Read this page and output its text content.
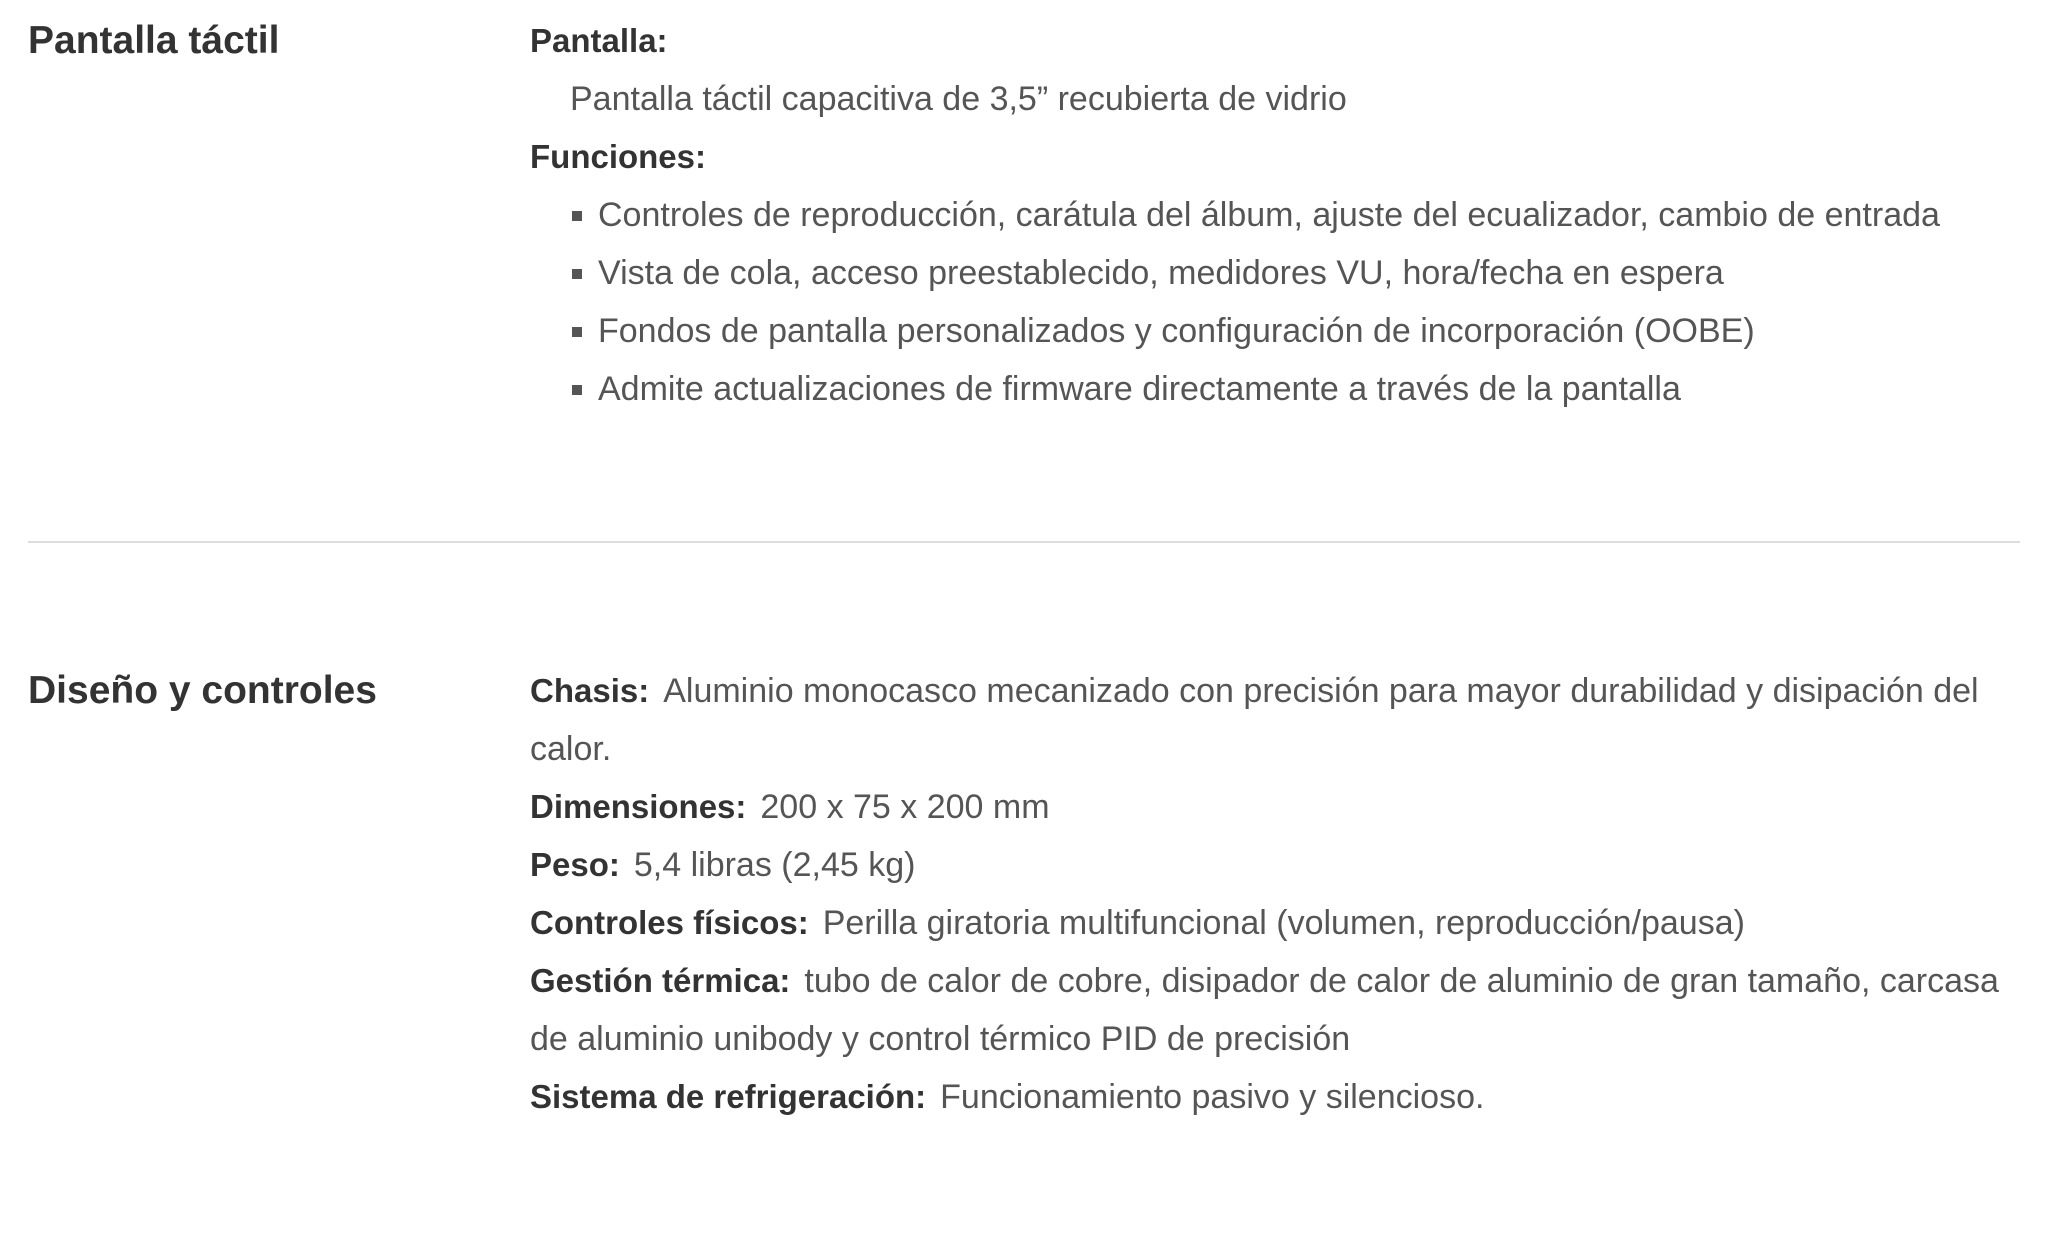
Pantalla táctil	Pantalla:
Pantalla táctil capacitiva de 3,5” recubierta de vidrio
Funciones:
Controles de reproducción, carátula del álbum, ajuste del ecualizador, cambio de entrada
Vista de cola, acceso preestablecido, medidores VU, hora/fecha en espera
Fondos de pantalla personalizados y configuración de incorporación (OOBE)
Admite actualizaciones de firmware directamente a través de la pantalla
Diseño y controles	Chasis: Aluminio monocasco mecanizado con precisión para mayor durabilidad y disipación del calor.
Dimensiones: 200 x 75 x 200 mm
Peso: 5,4 libras (2,45 kg)
Controles físicos: Perilla giratoria multifuncional (volumen, reproducción/pausa)
Gestión térmica: tubo de calor de cobre, disipador de calor de aluminio de gran tamaño, carcasa de aluminio unibody y control térmico PID de precisión
Sistema de refrigeración: Funcionamiento pasivo y silencioso.
